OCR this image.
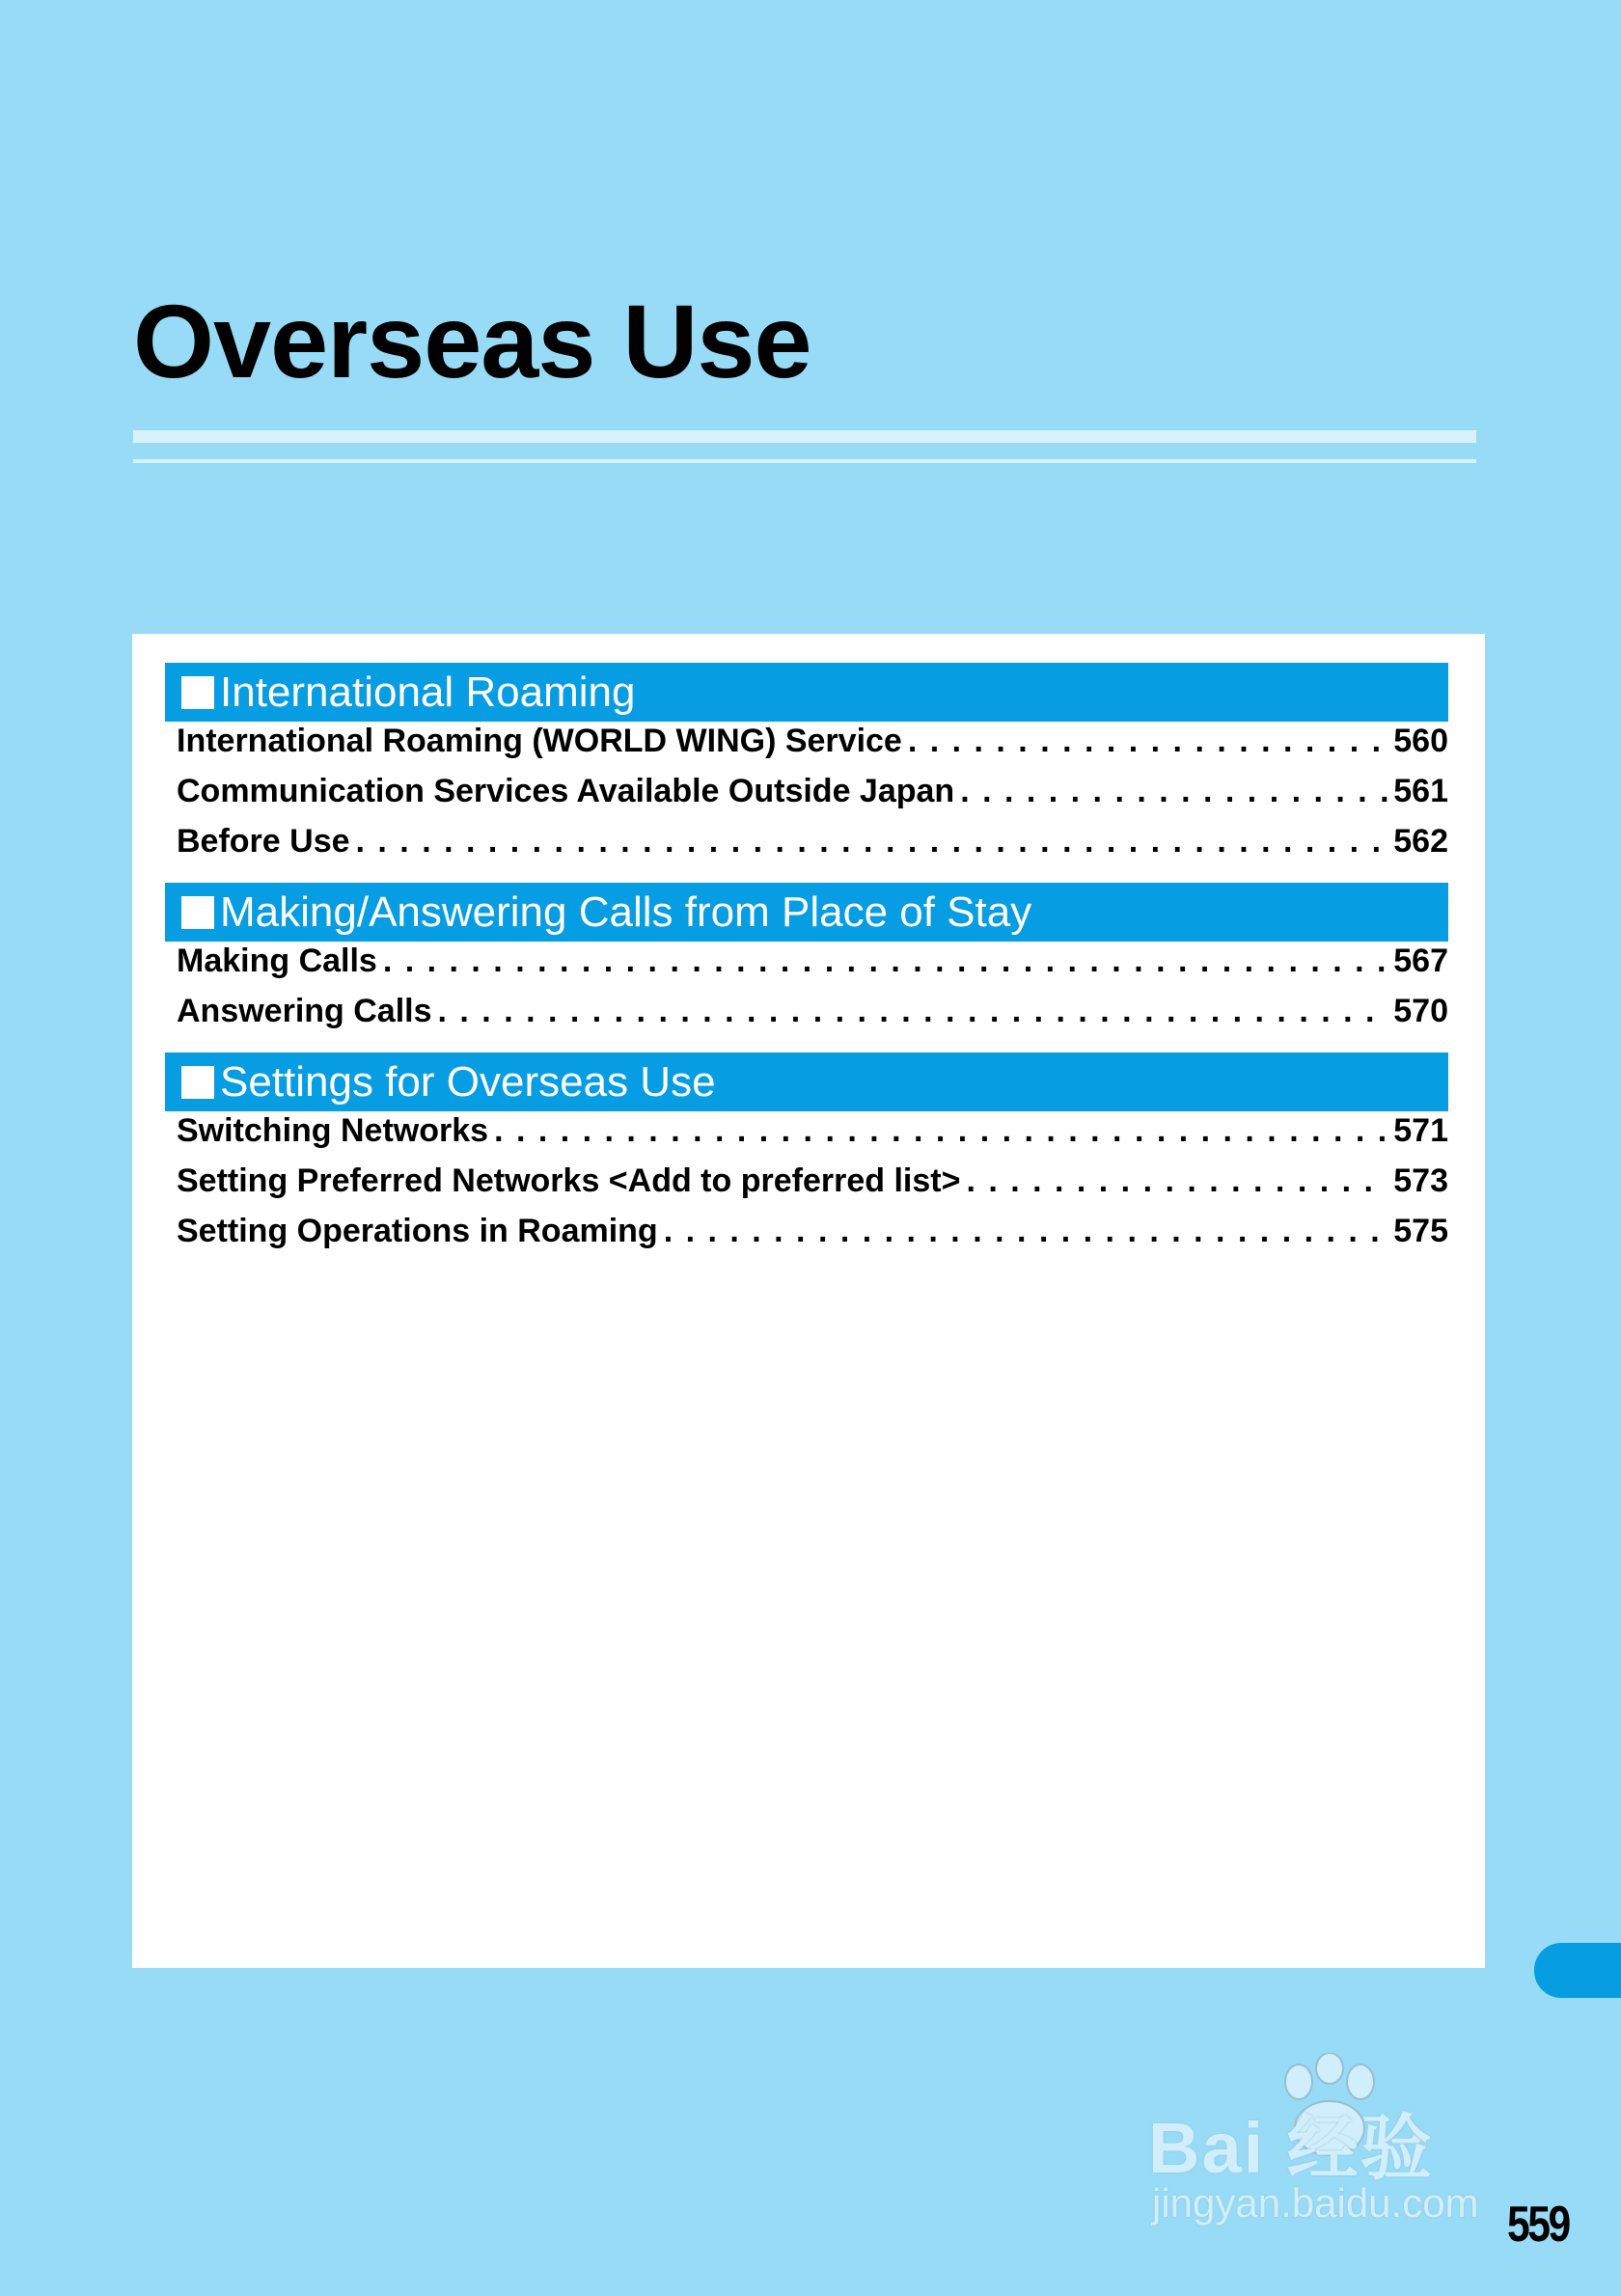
Overseas Use
International Roaming
International Roaming (WORLD WING) Service . . .	560
Communication Services Available Outside Japan . . .	561
Before Use . . .	562
Making/Answering Calls from Place of Stay
Making Calls . . .	567
Answering Calls . . .	570
Settings for Overseas Use
Switching Networks . . .	571
Setting Preferred Networks <Add to preferred list> . . .	573
Setting Operations in Roaming . . .	575
Bai 经验
jingyan.baidu.com 559
